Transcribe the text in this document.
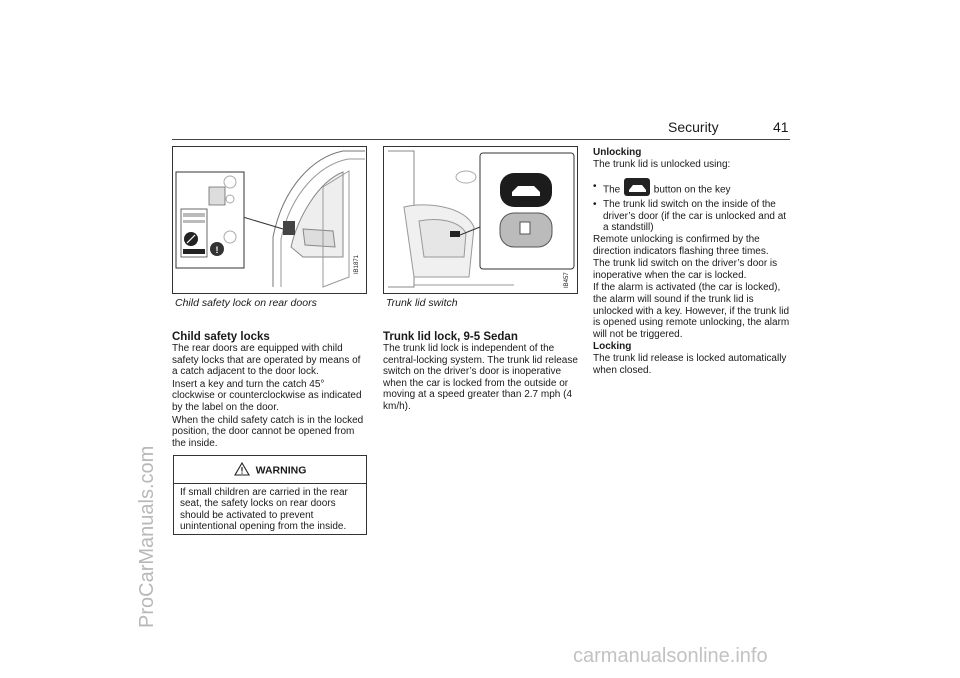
Security	41
!
IB1871
Child safety lock on rear doors
IB457
Trunk lid switch
Child safety locks

The rear doors are equipped with child safety locks that are operated by means of a catch adjacent to the door lock.

Insert a key and turn the catch 45° clockwise or counterclockwise as indicated by the label on the door.

When the child safety catch is in the locked position, the door cannot be opened from the inside.

WARNING
If small children are carried in the rear seat, the safety locks on rear doors should be activated to prevent unintentional opening from the inside.
Trunk lid lock, 9-5 Sedan
The trunk lid lock is independent of the central-locking system. The trunk lid release switch on the driver’s door is inoperative when the car is locked from the outside or moving at a speed greater than 2.7 mph (4 km/h).
Unlocking

The trunk lid is unlocked using:

• The	button on the key
• The trunk lid switch on the inside of the driver’s door (if the car is unlocked and at a standstill)

Remote unlocking is confirmed by the direction indicators flashing three times.

The trunk lid switch on the driver’s door is inoperative when the car is locked.

If the alarm is activated (the car is locked), the alarm will sound if the trunk lid is unlocked with a key. However, if the trunk lid is opened using remote unlocking, the alarm will not be triggered.

Locking

The trunk lid release is locked automatically when closed.

ProCarManuals.com
carmanualsonline.info
